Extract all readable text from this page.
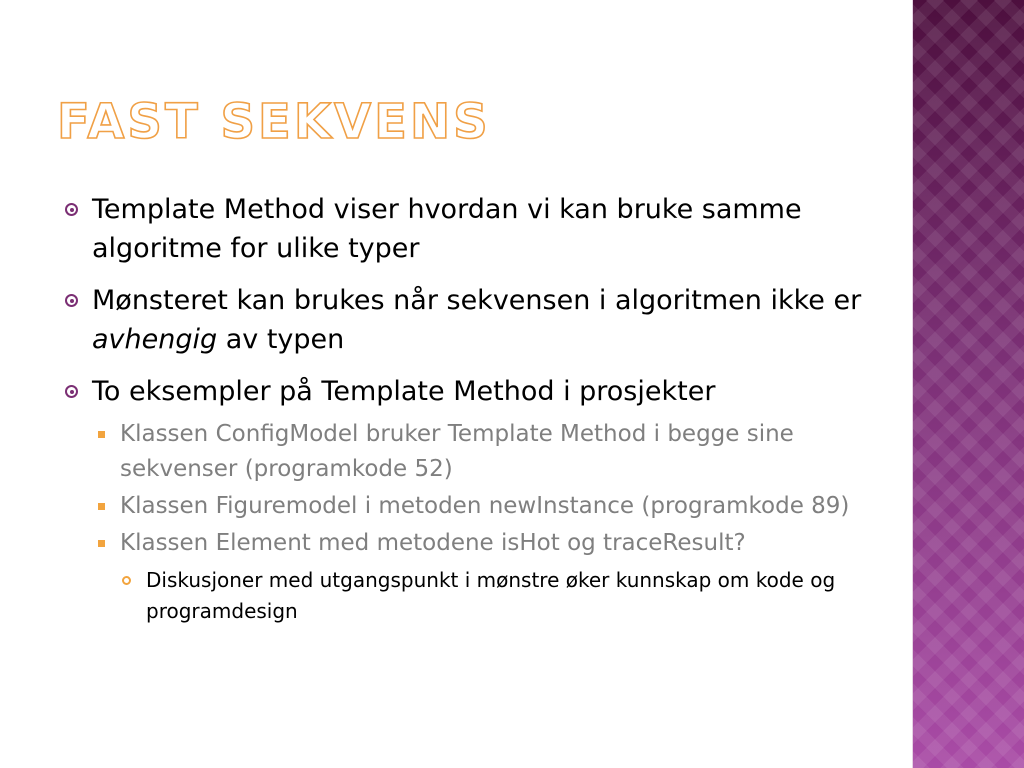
FAST SEKVENS
Template Method viser hvordan vi kan bruke samme algoritme for ulike typer
Mønsteret kan brukes når sekvensen i algoritmen ikke er avhengig av typen
To eksempler på Template Method i prosjekter
Klassen ConfigModel bruker Template Method i begge sine sekvenser (programkode 52)
Klassen Figuremodel i metoden newInstance (programkode 89)
Klassen Element med metodene isHot og traceResult?
Diskusjoner med utgangspunkt i mønstre øker kunnskap om kode og programdesign
